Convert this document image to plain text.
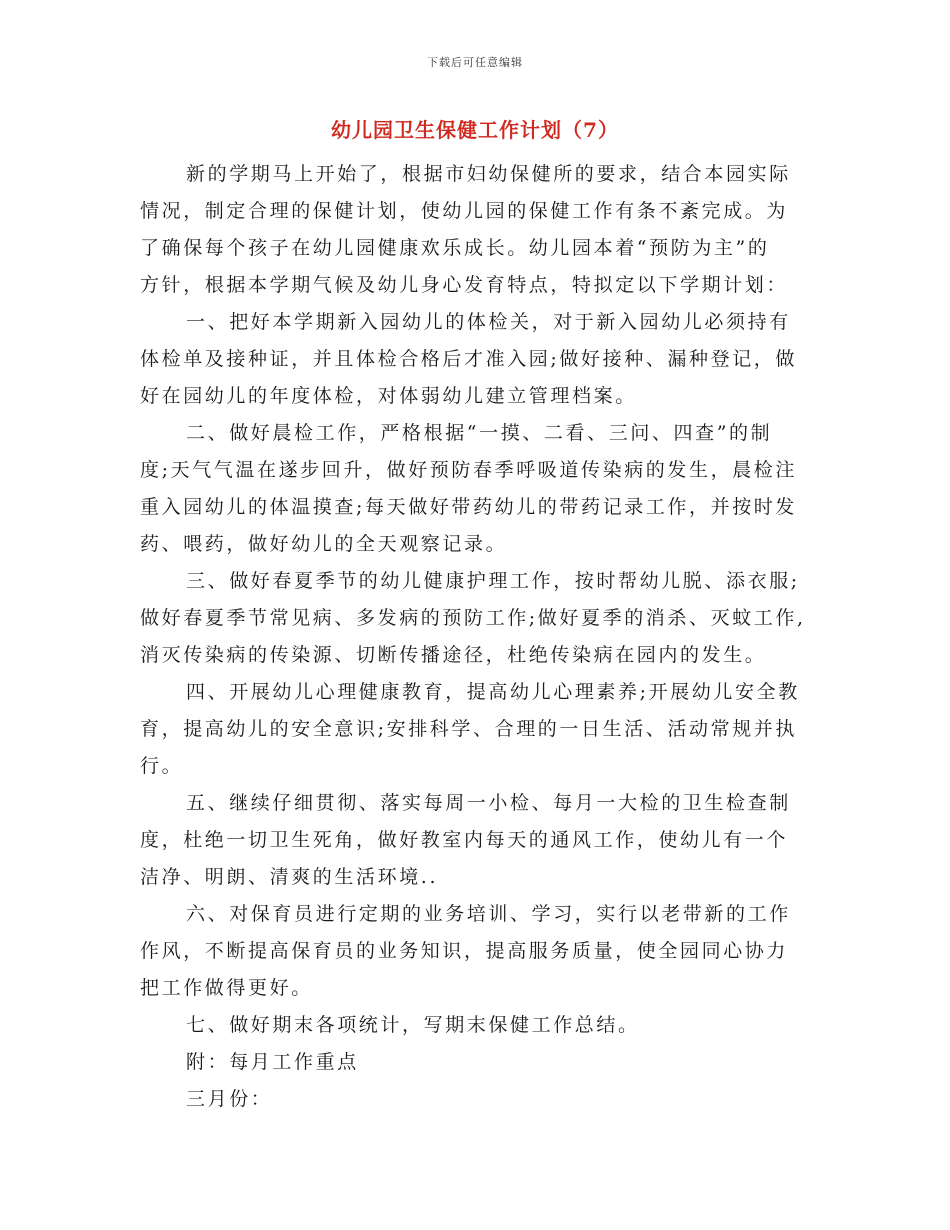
下载后可任意编辑
幼儿园卫生保健工作计划（7）
新的学期马上开始了，根据市妇幼保健所的要求，结合本园实际
情况，制定合理的保健计划，使幼儿园的保健工作有条不紊完成。为
了确保每个孩子在幼儿园健康欢乐成长。幼儿园本着“预防为主”的
方针，根据本学期气候及幼儿身心发育特点，特拟定以下学期计划：
一、把好本学期新入园幼儿的体检关，对于新入园幼儿必须持有
体检单及接种证，并且体检合格后才准入园;做好接种、漏种登记，做
好在园幼儿的年度体检，对体弱幼儿建立管理档案。
二、做好晨检工作，严格根据“一摸、二看、三问、四查”的制
度;天气气温在遂步回升，做好预防春季呼吸道传染病的发生，晨检注
重入园幼儿的体温摸查;每天做好带药幼儿的带药记录工作，并按时发
药、喂药，做好幼儿的全天观察记录。
三、做好春夏季节的幼儿健康护理工作，按时帮幼儿脱、添衣服;
做好春夏季节常见病、多发病的预防工作;做好夏季的消杀、灭蚊工作,
消灭传染病的传染源、切断传播途径，杜绝传染病在园内的发生。
四、开展幼儿心理健康教育，提高幼儿心理素养;开展幼儿安全教
育，提高幼儿的安全意识;安排科学、合理的一日生活、活动常规并执
行。
五、继续仔细贯彻、落实每周一小检、每月一大检的卫生检查制
度，杜绝一切卫生死角，做好教室内每天的通风工作，使幼儿有一个
洁净、明朗、清爽的生活环境..
六、对保育员进行定期的业务培训、学习，实行以老带新的工作
作风，不断提高保育员的业务知识，提高服务质量，使全园同心协力
把工作做得更好。
七、做好期末各项统计，写期末保健工作总结。
附：每月工作重点
三月份：
